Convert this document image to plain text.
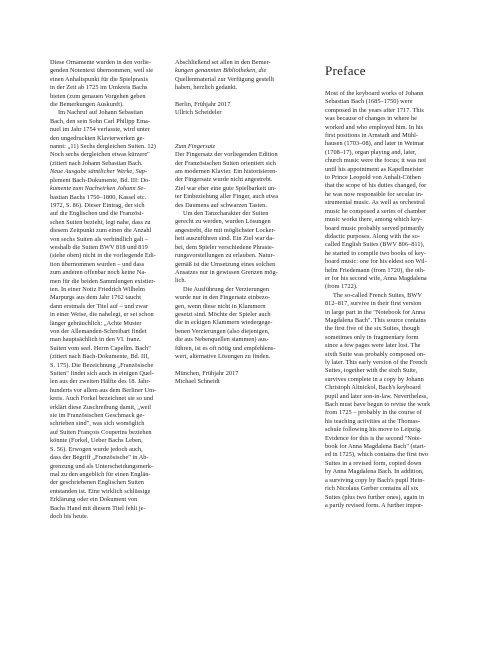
Diese Ornamente wurden in den vorlie-

genden Notentext übernommen, weil sie

einen Anhaltspunkt für die Spielpraxis

in der Zeit ab 1725 im Umkreis Bachs

bieten (zum genauen Vorgehen geben

die Bemerkungen Auskunft).

Im Nachruf auf Johann Sebastian

Bach, den sein Sohn Carl Philipp Ema-

nuel im Jahr 1754 verfasste, wird unter

den ungedruckten Klavierwerken ge-

nannt: „11) Sechs dergleichen Suiten. 12)

Noch sechs dergleichen etwas kürzere"

(zitiert nach Johann Sebastian Bach.

Neue Ausgabe sämtlicher Werke, Sup-

plement Bach-Dokumente, Bd. III: Do-

kumente zum Nachwirken Johann Se-

bastian Bachs 1750–1800, Kassel etc.

1972, S. 86). Dieser Eintrag, der sich

auf die Englischen und die Französi-

schen Suiten bezieht, legt nahe, dass zu

diesem Zeitpunkt zum einen die Anzahl

von sechs Suiten als verbindlich galt –

weshalb die Suiten BWV 818 und 819

(siehe oben) nicht in die vorliegende Edi-

tion übernommen wurden – und dass

zum anderen offenbar noch keine Na-

men für die beiden Sammlungen existier-

ten. In einer Notiz Friedrich Wilhelm

Marpurgs aus dem Jahr 1762 taucht

dann erstmals der Titel auf – und zwar

in einer Weise, die nahelegt, er sei schon

länger gebräuchlich: „Achte Muster

von der Allemanden-Schreibart findet

man hauptsächlich in den VI. franz.

Suiten vom seel. Herrn Capellm. Bach"

(zitiert nach Bach-Dokumente, Bd. III,

S. 175). Die Bezeichnung „Französische

Suiten" findet sich auch in einigen Quel-

len aus der zweiten Hälfte des 18. Jahr-

hunderts vor allem aus dem Berliner Um-

kreis. Auch Forkel bezeichnet sie so und

erklärt diese Zuschreibung damit, „weil

sie im Französischen Geschmack ge-

schrieben sind", was sich womöglich

auf Suiten François Couperins beziehen

könnte (Forkel, Ueber Bachs Leben,

S. 56). Erwogen wurde jedoch auch,

dass der Begriff „Französische" in Ab-

grenzung und als Unterscheidungsmerk-

mal zu den angeblich für einen Englän-

der geschriebenen Englischen Suiten

entstanden ist. Eine wirklich schlüssige

Erklärung oder ein Dokument von

Bachs Hand mit diesem Titel fehlt je-

doch bis heute.

Abschließend sei allen in den Bemer-

kungen genannten Bibliotheken, die

Quellenmaterial zur Verfügung gestellt

haben, herzlich gedankt.

Berlin, Frühjahr 2017

Ullrich Scheideler

Zum Fingersatz

Der Fingersatz der vorliegenden Edition

der Französischen Suiten orientiert sich

am modernen Klavier. Ein historisieren-

der Fingersatz wurde nicht angestrebt.

Ziel war eher eine gute Spielbarkeit un-

ter Einbeziehung aller Finger, auch etwa

des Daumens auf schwarzen Tasten.

Um den Tanzcharakter der Suiten

gerecht zu werden, wurden Lösungen

angestrebt, die mit möglichster Locker-

heit auszuführen sind. Ein Ziel war da-

bei, dem Spieler verschiedene Phrasie-

rungsvorstellungen zu erlauben. Natur-

gemäß ist die Umsetzung eines solchen

Ansatzes nur in gewissen Grenzen mög-

lich.

Die Ausführung der Verzierungen

wurde nur in den Fingersatz einbezo-

gen, wenn diese nicht in Klammern

gesetzt sind. Möchte der Spieler auch

die in eckigen Klammern wiedergege-

benen Verzierungen (also diejenigen,

die aus Nebenquellen stammen) aus-

führen, ist es oft nötig und empfehlens-

wert, alternative Lösungen zu finden.

München, Frühjahr 2017

Michael Schneidt

Preface

Most of the keyboard works of Johann

Sebastian Bach (1685–1750) were

composed in the years after 1717. This

was because of changes in where he

worked and who employed him. In his

first positions in Arnstadt and Mühl-

hausen (1703–08), and later in Weimar

(1708–17), organ playing and, later,

church music were the focus; it was not

until his appointment as Kapellmeister

to Prince Leopold von Anhalt-Cöthen

that the scope of his duties changed, for

he was now responsible for secular in-

strumental music. As well as orchestral

music he composed a series of chamber

music works there, among which key-

board music probably served primarily

didactic purposes. Along with the so-

called English Suites (BWV 806–811),

he started to compile two books of key-

board music: one for his eldest son Wil-

helm Friedemann (from 1720), the oth-

er for his second wife, Anna Magdalena

(from 1722).

The so-called French Suites, BWV

812–817, survive in their first version

in large part in the "Notebook for Anna

Magdalena Bach". This source contains

the first five of the six Suites, though

sometimes only in fragmentary form

since a few pages were later lost. The

sixth Suite was probably composed on-

ly later. This early version of the French

Suites, together with the sixth Suite,

survives complete in a copy by Johann

Christoph Altnickol, Bach's keyboard

pupil and later son-in-law. Nevertheless,

Bach must have begun to revise the work

from 1725 – probably in the course of

his teaching activities at the Thomas-

schule following his move to Leipzig.

Evidence for this is the second "Note-

book for Anna Magdalena Bach" (start-

ed in 1725), which contains the first two

Suites in a revised form, copied down

by Anna Magdalena Bach. In addition,

a surviving copy by Bach's pupil Hein-

rich Nicolaus Gerber contains all six

Suites (plus two further ones), again in

a partly revised form. A further impor-
